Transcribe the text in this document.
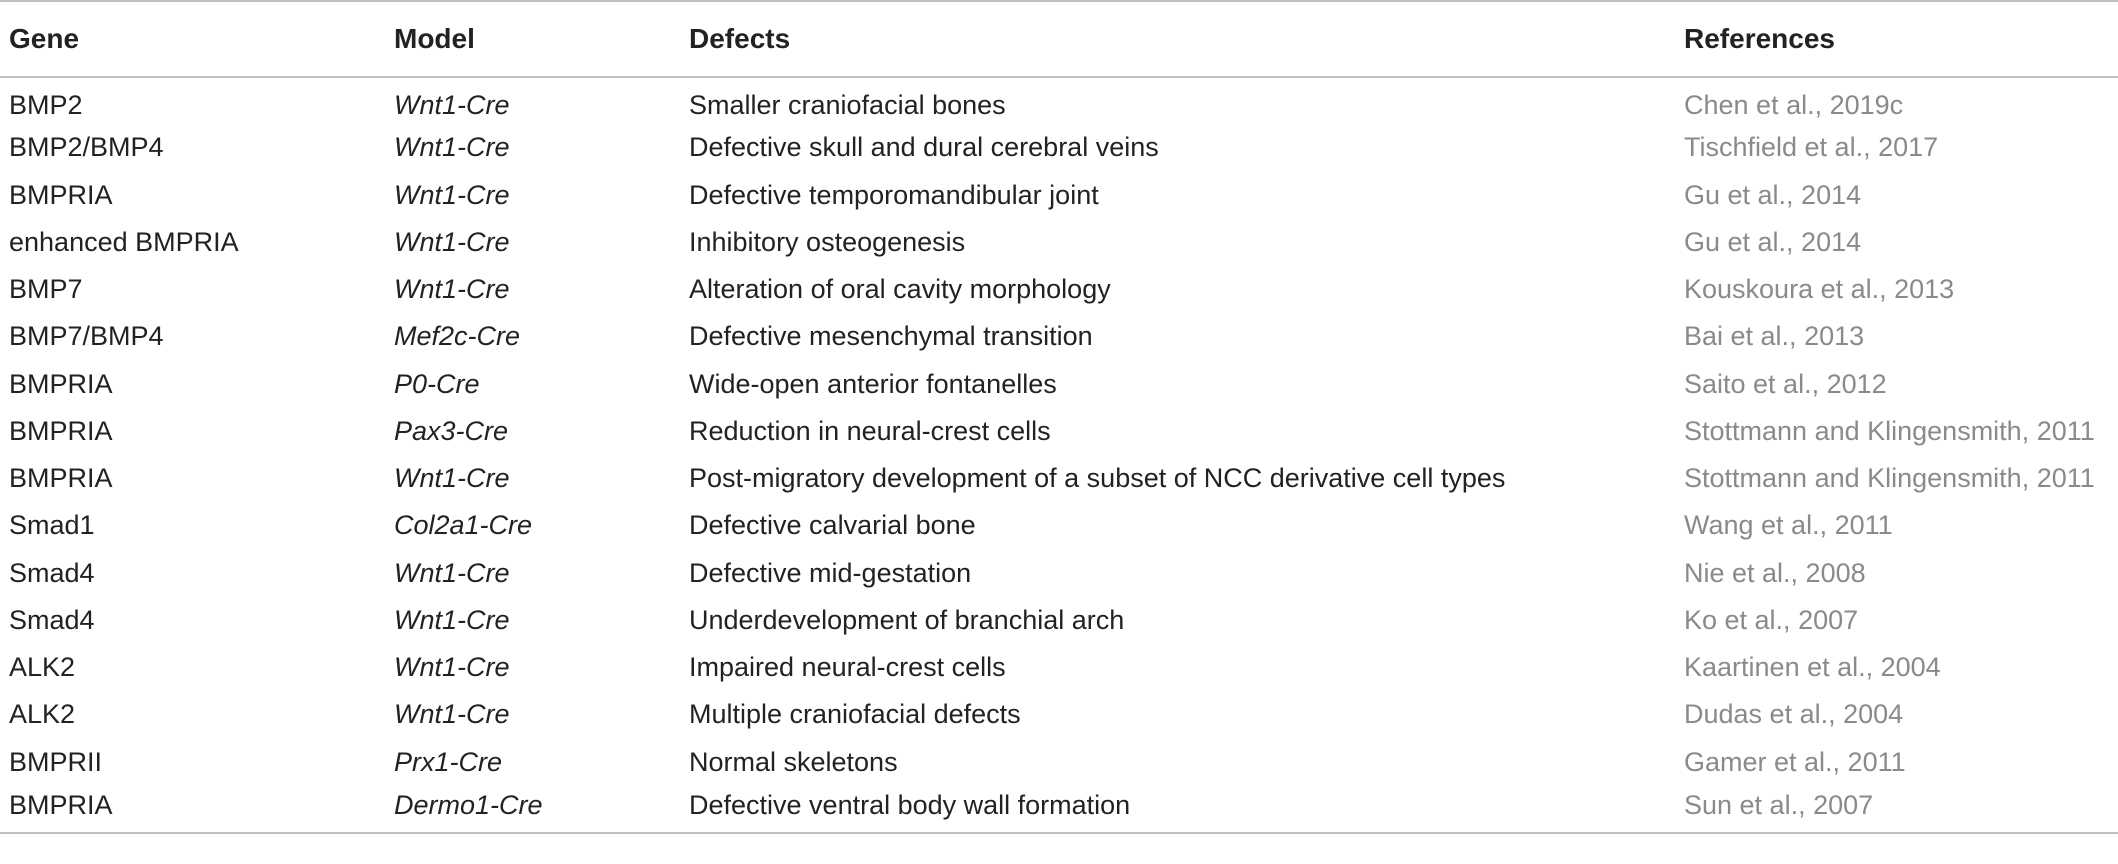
Gene	Model	Defects	References
BMP2	Wnt1-Cre	Smaller craniofacial bones	Chen et al., 2019c
BMP2/BMP4	Wnt1-Cre	Defective skull and dural cerebral veins	Tischfield et al., 2017
BMPRIA	Wnt1-Cre	Defective temporomandibular joint	Gu et al., 2014
enhanced BMPRIA	Wnt1-Cre	Inhibitory osteogenesis	Gu et al., 2014
BMP7	Wnt1-Cre	Alteration of oral cavity morphology	Kouskoura et al., 2013
BMP7/BMP4	Mef2c-Cre	Defective mesenchymal transition	Bai et al., 2013
BMPRIA	P0-Cre	Wide-open anterior fontanelles	Saito et al., 2012
BMPRIA	Pax3-Cre	Reduction in neural-crest cells	Stottmann and Klingensmith, 2011
BMPRIA	Wnt1-Cre	Post-migratory development of a subset of NCC derivative cell types	Stottmann and Klingensmith, 2011
Smad1	Col2a1-Cre	Defective calvarial bone	Wang et al., 2011
Smad4	Wnt1-Cre	Defective mid-gestation	Nie et al., 2008
Smad4	Wnt1-Cre	Underdevelopment of branchial arch	Ko et al., 2007
ALK2	Wnt1-Cre	Impaired neural-crest cells	Kaartinen et al., 2004
ALK2	Wnt1-Cre	Multiple craniofacial defects	Dudas et al., 2004
BMPRII	Prx1-Cre	Normal skeletons	Gamer et al., 2011
BMPRIA	Dermo1-Cre	Defective ventral body wall formation	Sun et al., 2007
